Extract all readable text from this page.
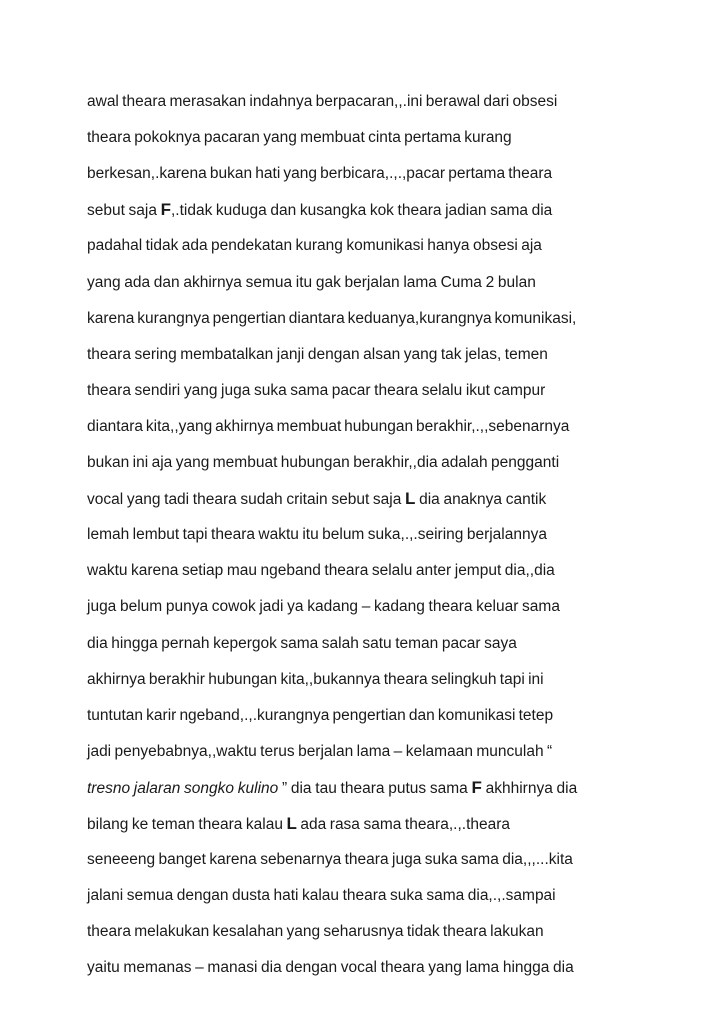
awal theara merasakan indahnya berpacaran,,.ini berawal dari obsesi
theara pokoknya pacaran yang membuat cinta pertama kurang
berkesan,.karena bukan hati yang berbicara,.,.,pacar pertama theara
sebut saja F,.tidak kuduga dan kusangka kok theara jadian sama dia
padahal tidak ada pendekatan kurang komunikasi hanya obsesi aja
yang ada dan akhirnya semua itu gak berjalan lama Cuma 2 bulan
karena kurangnya pengertian diantara keduanya,kurangnya komunikasi,
theara sering membatalkan janji dengan alsan yang tak jelas, temen
theara sendiri yang juga suka sama pacar theara selalu ikut campur
diantara kita,,yang akhirnya membuat hubungan berakhir,.,,sebenarnya
bukan ini aja yang membuat hubungan berakhir,,dia adalah pengganti
vocal yang tadi theara sudah critain sebut saja L dia anaknya cantik
lemah lembut tapi theara waktu itu belum suka,.,.seiring berjalannya
waktu karena setiap mau ngeband theara selalu anter jemput dia,,dia
juga belum punya cowok jadi ya kadang – kadang theara keluar sama
dia hingga pernah kepergok sama salah satu teman pacar saya
akhirnya berakhir hubungan kita,,bukannya theara selingkuh tapi ini
tuntutan karir ngeband,.,.kurangnya pengertian dan komunikasi tetep
jadi penyebabnya,,waktu terus berjalan lama – kelamaan munculah “
tresno jalaran songko kulino ” dia tau theara putus sama F akhhirnya dia
bilang ke teman theara kalau L ada rasa sama theara,.,.theara
seneeeng banget karena sebenarnya theara juga suka sama dia,,,...kita
jalani semua dengan dusta hati kalau theara suka sama dia,.,.sampai
theara melakukan kesalahan yang seharusnya tidak theara lakukan
yaitu memanas – manasi dia dengan vocal theara yang lama hingga dia
